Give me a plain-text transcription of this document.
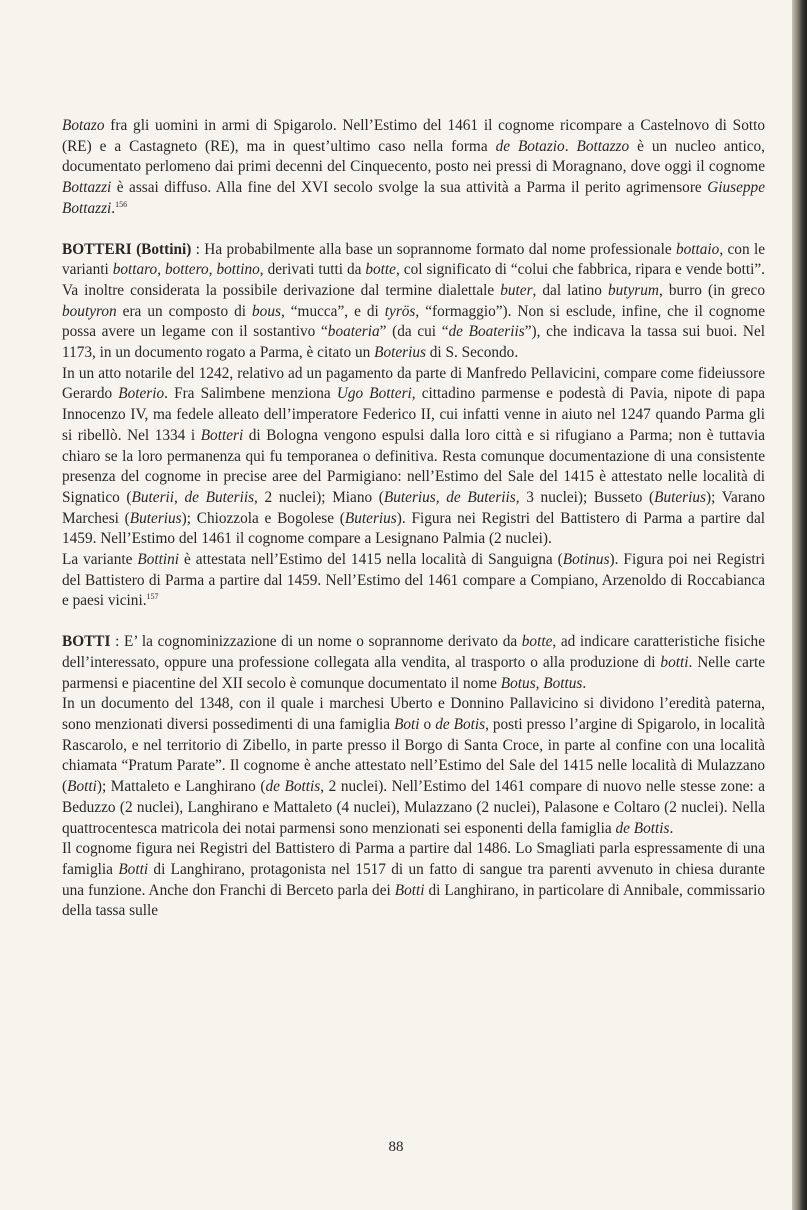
Botazo fra gli uomini in armi di Spigarolo. Nell’Estimo del 1461 il cognome ricompare a Castelnovo di Sotto (RE) e a Castagneto (RE), ma in quest’ultimo caso nella forma de Botazio. Bottazzo è un nucleo antico, documentato perlomeno dai primi decenni del Cinquecento, posto nei pressi di Moragnano, dove oggi il cognome Bottazzi è assai diffuso. Alla fine del XVI secolo svolge la sua attività a Parma il perito agrimensore Giuseppe Bottazzi.$^{156}$

BOTTERI (Bottini) : Ha probabilmente alla base un soprannome formato dal nome professionale bottaio, con le varianti bottaro, bottero, bottino, derivati tutti da botte, col significato di “colui che fabbrica, ripara e vende botti”. Va inoltre considerata la possibile derivazione dal termine dialettale buter, dal latino butyrum, burro (in greco boutyron era un composto di bous, “mucca”, e di tyrös, “formaggio”). Non si esclude, infine, che il cognome possa avere un legame con il sostantivo “boateria” (da cui “de Boateriis”), che indicava la tassa sui buoi. Nel 1173, in un documento rogato a Parma, è citato un Boterius di S. Secondo.

In un atto notarile del 1242, relativo ad un pagamento da parte di Manfredo Pellavicini, compare come fideiussore Gerardo Boterio. Fra Salimbene menziona Ugo Botteri, cittadino parmense e podestà di Pavia, nipote di papa Innocenzo IV, ma fedele alleato dell’imperatore Federico II, cui infatti venne in aiuto nel 1247 quando Parma gli si ribellò. Nel 1334 i Botteri di Bologna vengono espulsi dalla loro città e si rifugiano a Parma; non è tuttavia chiaro se la loro permanenza qui fu temporanea o definitiva. Resta comunque documentazione di una consistente presenza del cognome in precise aree del Parmigiano: nell’Estimo del Sale del 1415 è attestato nelle località di Signatico (Buterii, de Buteriis, 2 nuclei); Miano (Buterius, de Buteriis, 3 nuclei); Busseto (Buterius); Varano Marchesi (Buterius); Chiozzola e Bogolese (Buterius). Figura nei Registri del Battistero di Parma a partire dal 1459. Nell’Estimo del 1461 il cognome compare a Lesignano Palmia (2 nuclei).

La variante Bottini è attestata nell’Estimo del 1415 nella località di Sanguigna (Botinus). Figura poi nei Registri del Battistero di Parma a partire dal 1459. Nell’Estimo del 1461 compare a Compiano, Arzenoldo di Roccabianca e paesi vicini.$^{157}$

BOTTI : E’ la cognominizzazione di un nome o soprannome derivato da botte, ad indicare caratteristiche fisiche dell’interessato, oppure una professione collegata alla vendita, al trasporto o alla produzione di botti. Nelle carte parmensi e piacentine del XII secolo è comunque documentato il nome Botus, Bottus.

In un documento del 1348, con il quale i marchesi Uberto e Donnino Pallavicino si dividono l’eredità paterna, sono menzionati diversi possedimenti di una famiglia Boti o de Botis, posti presso l’argine di Spigarolo, in località Rascarolo, e nel territorio di Zibello, in parte presso il Borgo di Santa Croce, in parte al confine con una località chiamata “Pratum Parate”. Il cognome è anche attestato nell’Estimo del Sale del 1415 nelle località di Mulazzano (Botti); Mattaleto e Langhirano (de Bottis, 2 nuclei). Nell’Estimo del 1461 compare di nuovo nelle stesse zone: a Beduzzo (2 nuclei), Langhirano e Mattaleto (4 nuclei), Mulazzano (2 nuclei), Palasone e Coltaro (2 nuclei). Nella quattrocentesca matricola dei notai parmensi sono menzionati sei esponenti della famiglia de Bottis.

Il cognome figura nei Registri del Battistero di Parma a partire dal 1486. Lo Smagliati parla espressamente di una famiglia Botti di Langhirano, protagonista nel 1517 di un fatto di sangue tra parenti avvenuto in chiesa durante una funzione. Anche don Franchi di Berceto parla dei Botti di Langhirano, in particolare di Annibale, commissario della tassa sulle

88
